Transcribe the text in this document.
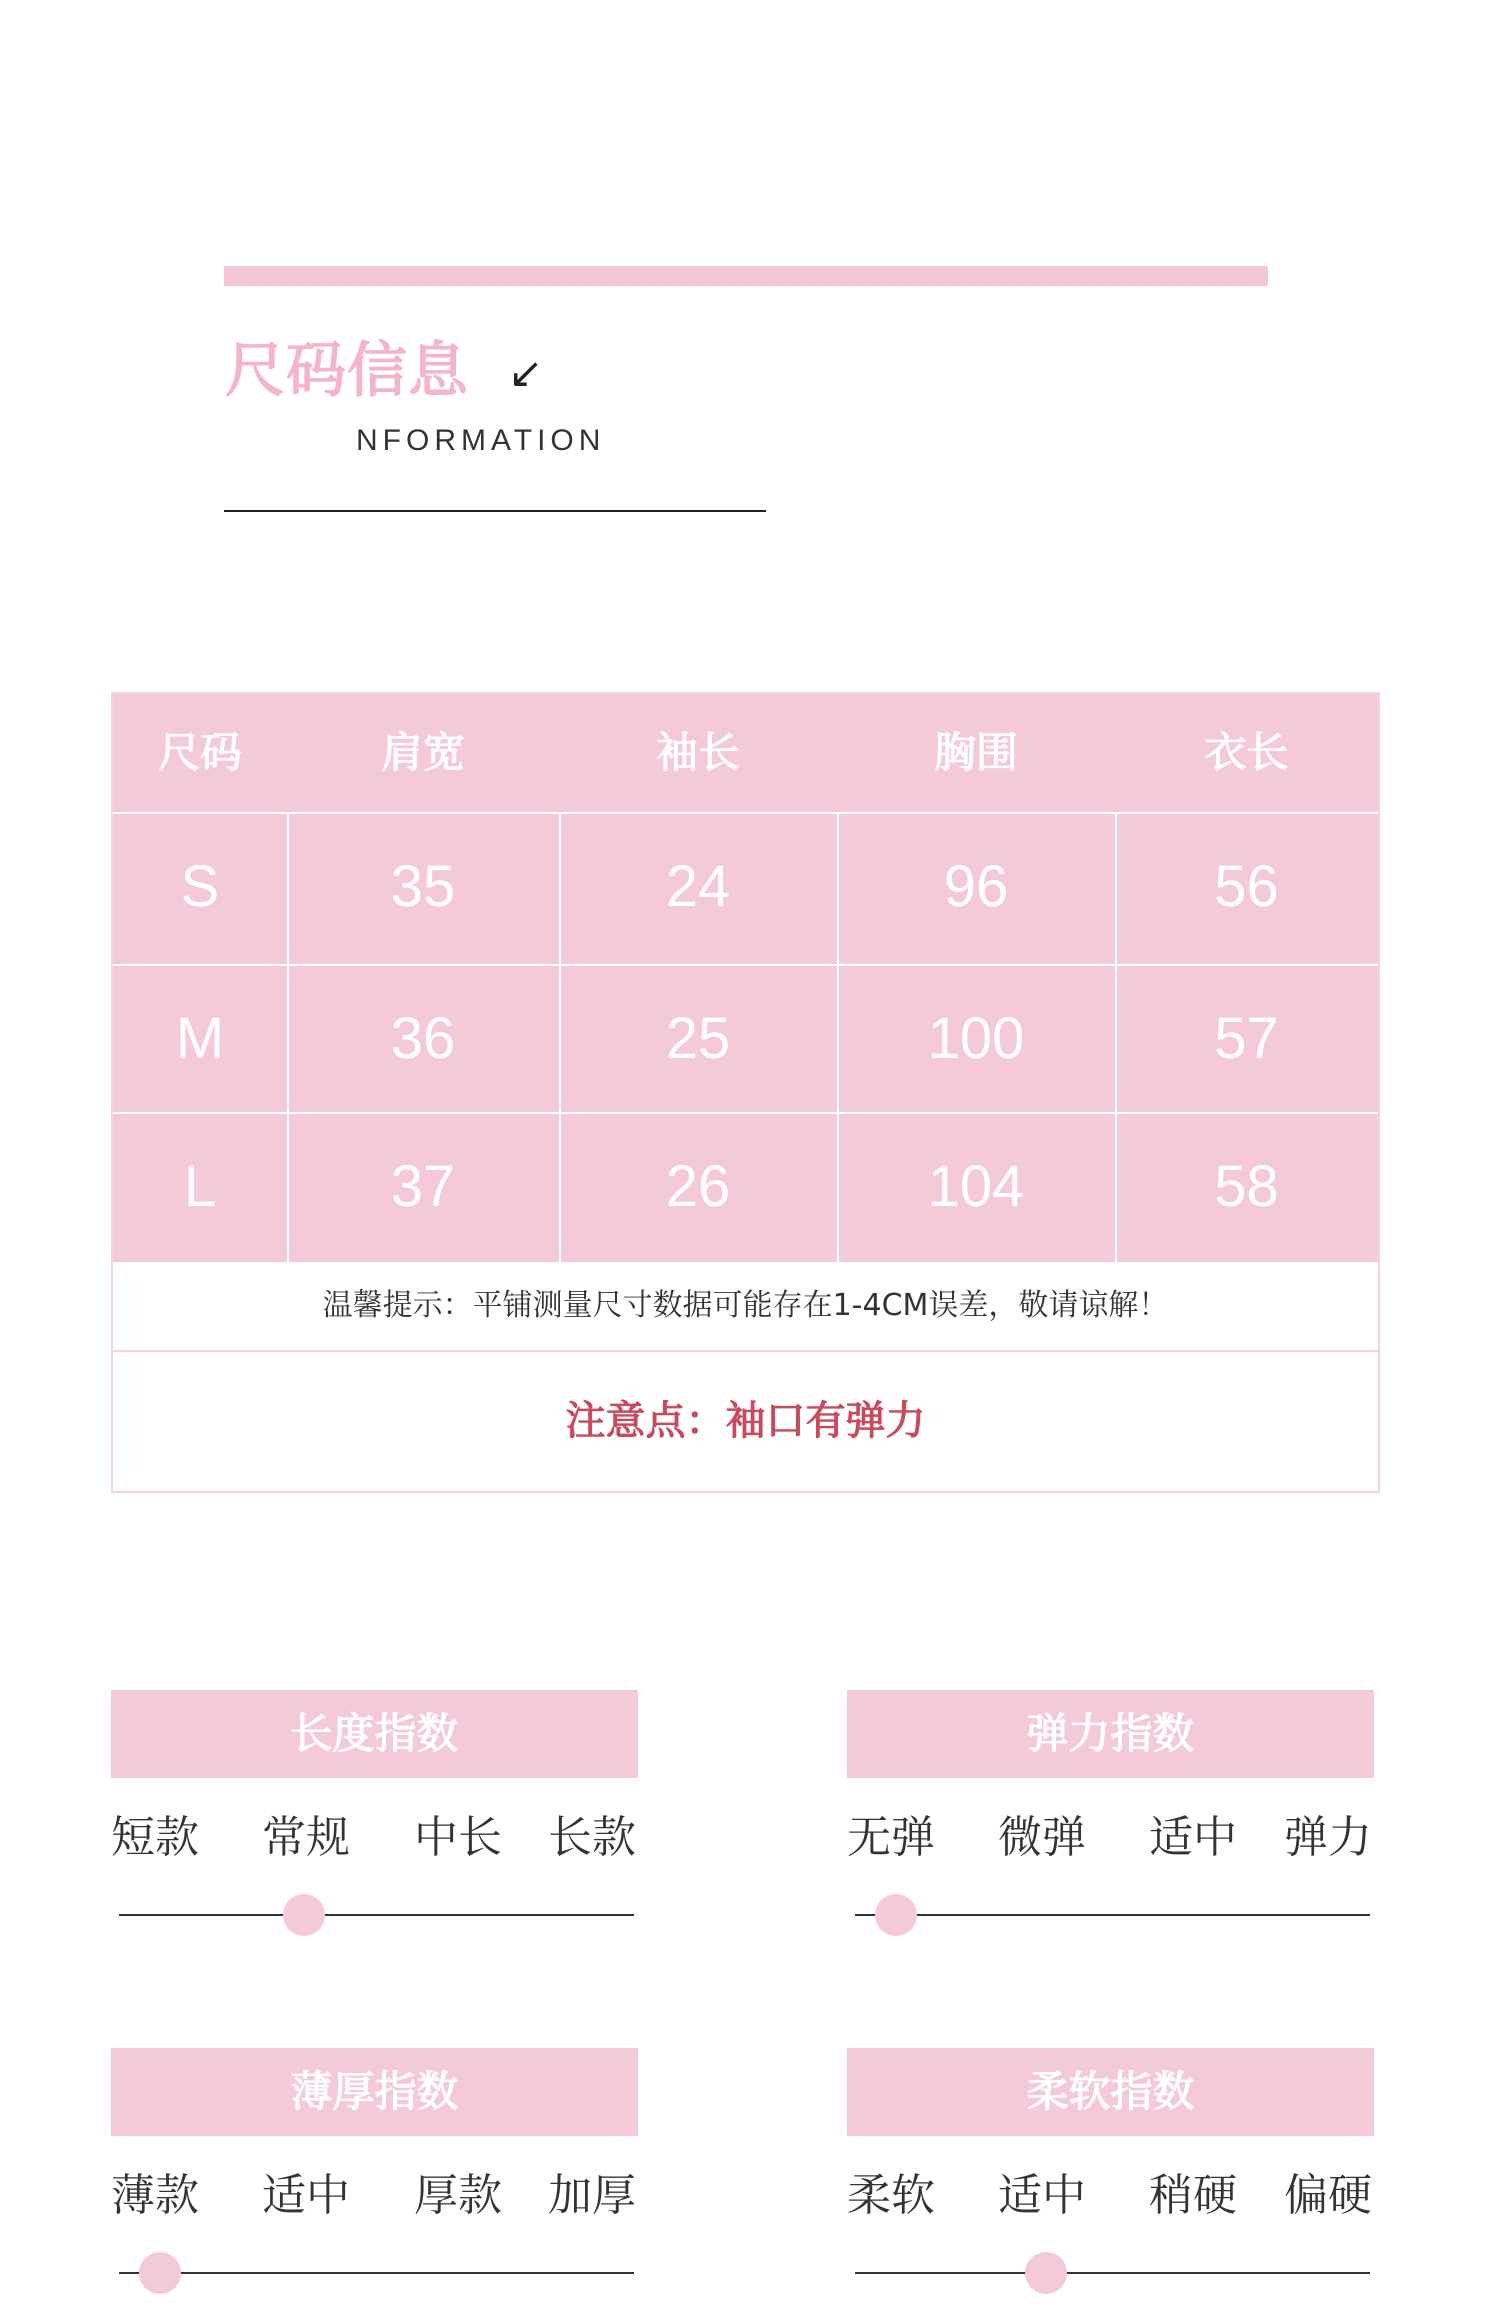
尺码信息 ↙
NFORMATION
尺码	肩宽	袖长	胸围	衣长
S	35	24	96	56
M	36	25	100	57
L	37	26	104	58
温馨提示：平铺测量尺寸数据可能存在1-4CM误差，敬请谅解！
注意点：袖口有弹力
长度指数
短款 常规 中长 长款
弹力指数
无弹 微弹 适中 弹力
薄厚指数
薄款 适中 厚款 加厚
柔软指数
柔软 适中 稍硬 偏硬
